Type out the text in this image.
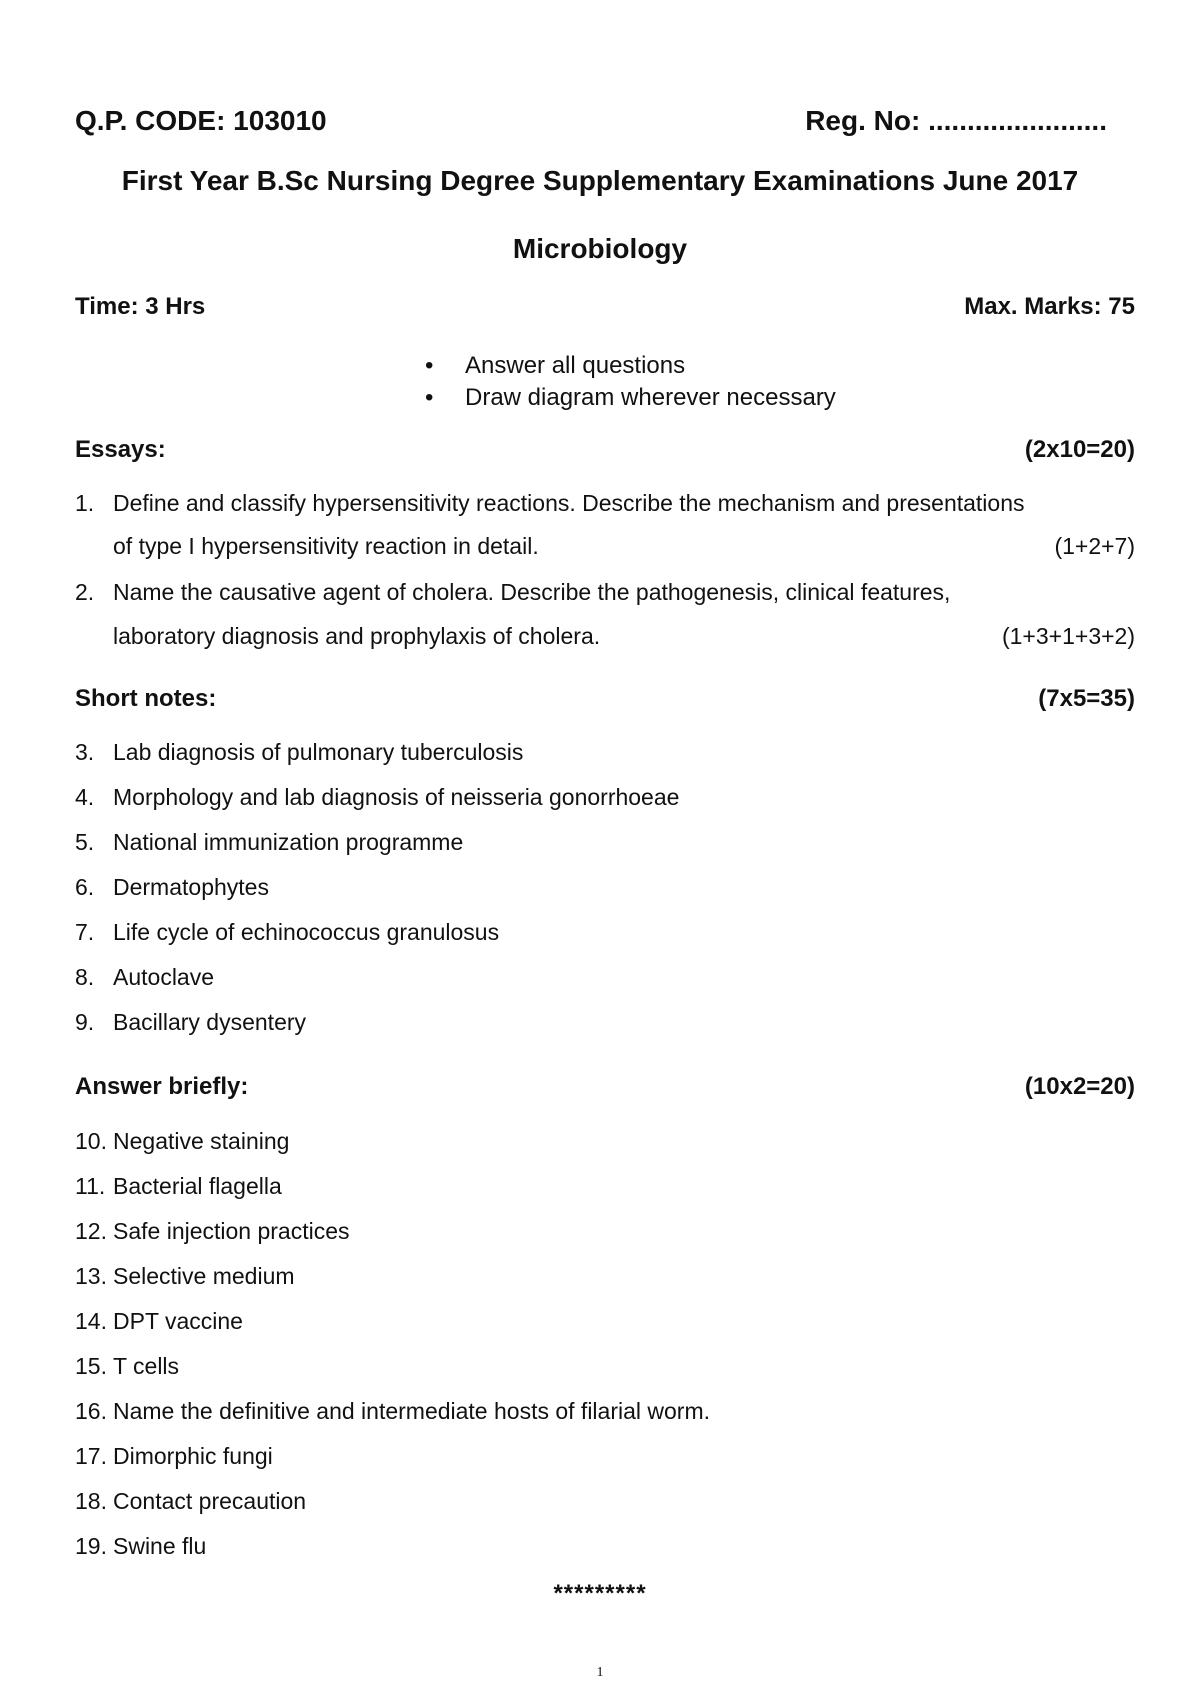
Q.P. CODE: 103010	Reg. No: .......................
First Year B.Sc Nursing Degree Supplementary Examinations June 2017
Microbiology
Time: 3 Hrs	Max. Marks: 75
• Answer all questions
• Draw diagram wherever necessary
Essays:	(2x10=20)
1. Define and classify hypersensitivity reactions. Describe the mechanism and presentations
of type I hypersensitivity reaction in detail.	(1+2+7)
2. Name the causative agent of cholera. Describe the pathogenesis, clinical features,
laboratory diagnosis and prophylaxis of cholera.	(1+3+1+3+2)
Short notes:	(7x5=35)
3. Lab diagnosis of pulmonary tuberculosis
4. Morphology and lab diagnosis of neisseria gonorrhoeae
5. National immunization programme
6. Dermatophytes
7. Life cycle of echinococcus granulosus
8. Autoclave
9. Bacillary dysentery
Answer briefly:	(10x2=20)
10. Negative staining
11. Bacterial flagella
12. Safe injection practices
13. Selective medium
14. DPT vaccine
15. T cells
16. Name the definitive and intermediate hosts of filarial worm.
17. Dimorphic fungi
18. Contact precaution
19. Swine flu
*********
1
